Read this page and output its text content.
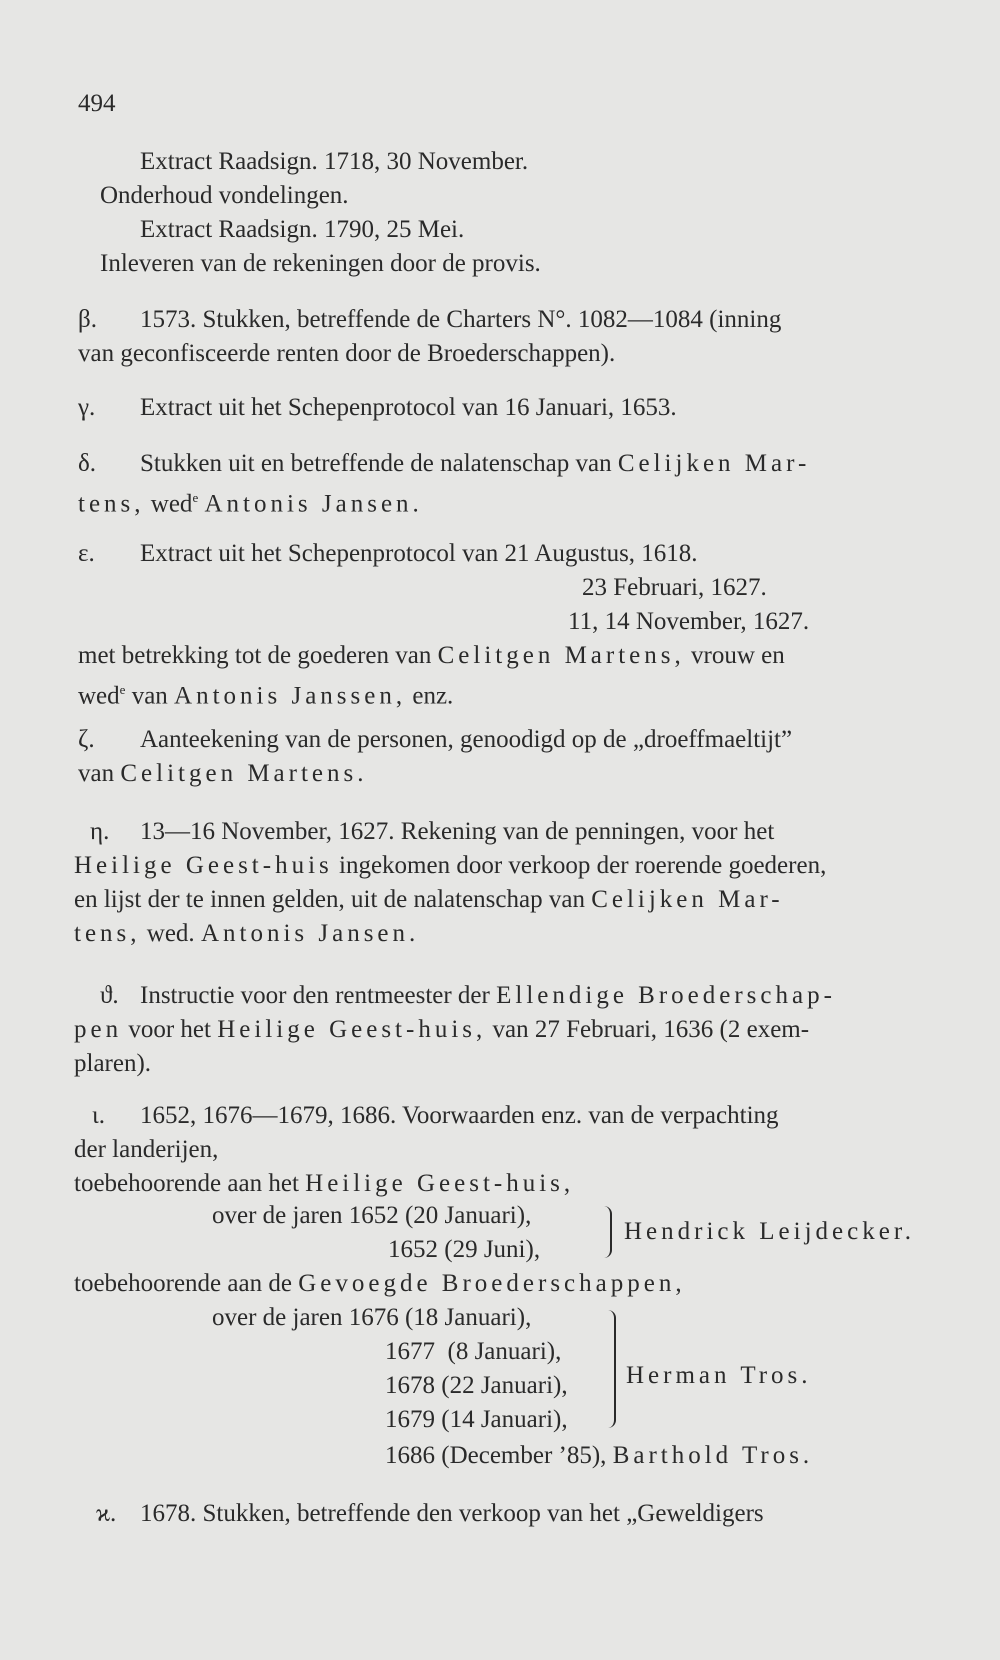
494
Extract Raadsign. 1718, 30 November.
Onderhoud vondelingen.
Extract Raadsign. 1790, 25 Mei.
Inleveren van de rekeningen door de provis.
β. 1573. Stukken, betreffende de Charters N°. 1082—1084 (inning
van geconfisceerde renten door de Broederschappen).
γ. Extract uit het Schepenprotocol van 16 Januari, 1653.
δ. Stukken uit en betreffende de nalatenschap van Celijken Mar-
tens, wed$^e$ Antonis Jansen.
ε. Extract uit het Schepenprotocol van 21 Augustus, 1618.
23 Februari, 1627.
11, 14 November, 1627.
met betrekking tot de goederen van Celitgen Martens, vrouw en
wed$^e$ van Antonis Janssen, enz.
ζ. Aanteekening van de personen, genoodigd op de „droeffmaeltijt”
van Celitgen Martens.
η. 13—16 November, 1627. Rekening van de penningen, voor het
Heilige Geest-huis ingekomen door verkoop der roerende goederen,
en lijst der te innen gelden, uit de nalatenschap van Celijken Mar-
tens, wed. Antonis Jansen.
ϑ. Instructie voor den rentmeester der Ellendige Broederschap-
pen voor het Heilige Geest-huis, van 27 Februari, 1636 (2 exem-
plaren).
ι. 1652, 1676—1679, 1686. Voorwaarden enz. van de verpachting
der landerijen,
toebehoorende aan het Heilige Geest-huis,
over de jaren 1652 (20 Januari),
1652 (29 Juni),
Hendrick Leijdecker.
toebehoorende aan de Gevoegde Broederschappen,
over de jaren 1676 (18 Januari),
1677  (8 Januari),
1678 (22 Januari),
1679 (14 Januari),
Herman Tros.
1686 (December ’85), Barthold Tros.
ϰ. 1678. Stukken, betreffende den verkoop van het „Geweldigers
